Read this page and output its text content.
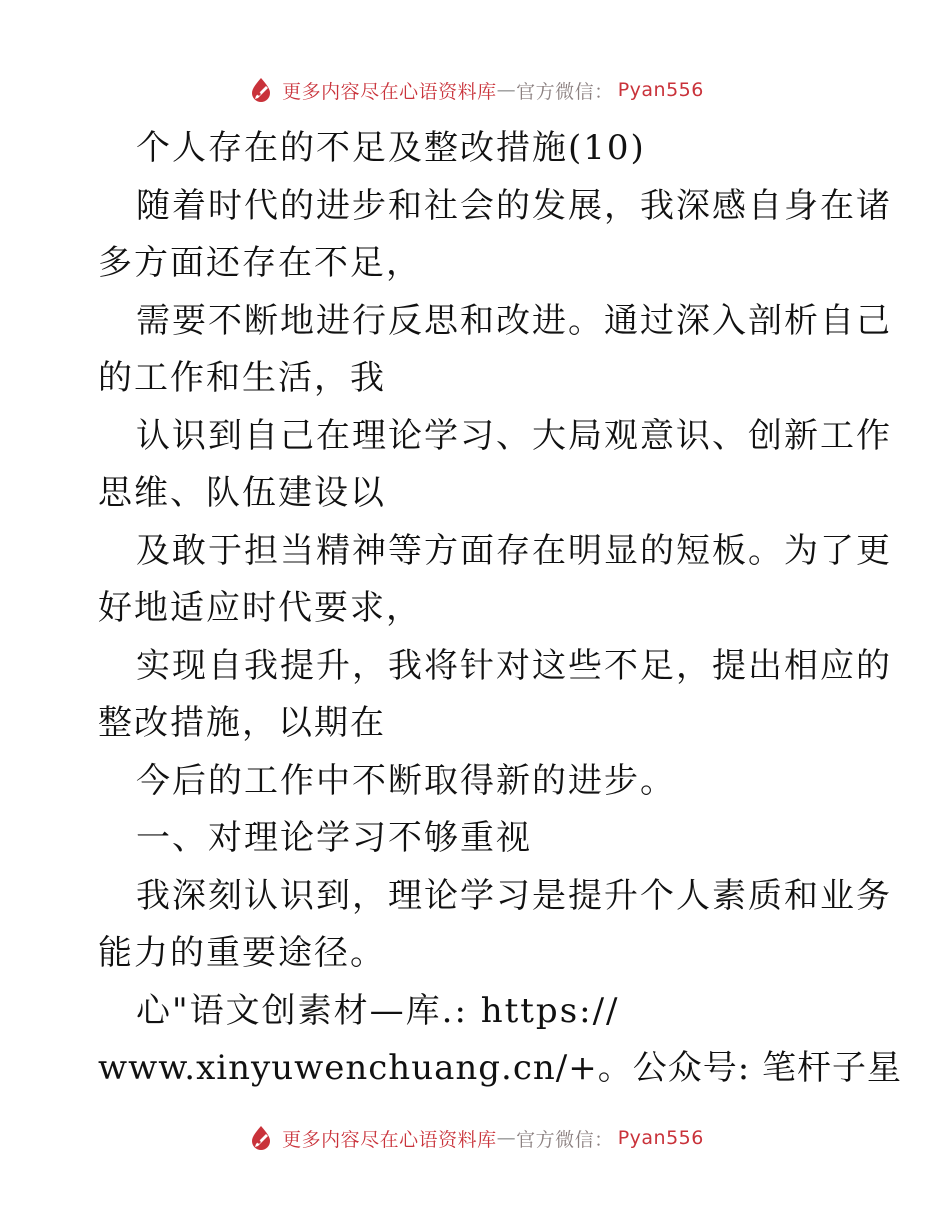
更多内容尽在心语资料库 — 官方微信 ： Pyan556
个人存在的不足及整改措施(10)
随着时代的进步和社会的发展，我深感自身在诸
多方面还存在不足，
需要不断地进行反思和改进。通过深入剖析自己
的工作和生活，我
认识到自己在理论学习、大局观意识、创新工作
思维、队伍建设以
及敢于担当精神等方面存在明显的短板。为了更
好地适应时代要求，
实现自我提升，我将针对这些不足，提出相应的
整改措施，以期在
今后的工作中不断取得新的进步。
一、对理论学习不够重视
我深刻认识到，理论学习是提升个人素质和业务
能力的重要途径。
心"语文创素材—库.: https://
www.xinyuwenchuang.cn/+。公众号: 笔杆子星
更多内容尽在心语资料库 — 官方微信 ： Pyan556
